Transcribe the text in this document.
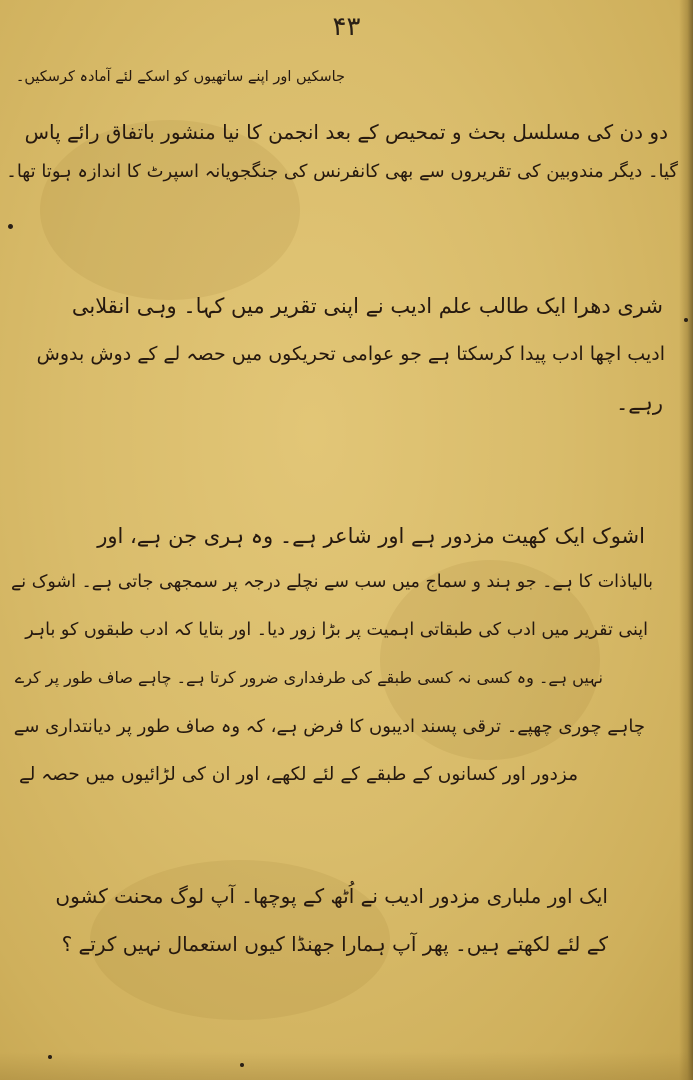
۴۳
جاسکیں اور اپنے ساتھیوں کو اسکے لئے آمادہ کرسکیں۔
دو دن کی مسلسل بحث و تمحیص کے بعد انجمن کا نیا منشور باتفاق رائے پاس
گیا۔ دیگر مندوبین کی تقریروں سے بھی کانفرنس کی جنگجویانہ اسپرٹ کا اندازہ ہوتا تھا۔
شری دھرا ایک طالب علم ادیب نے اپنی تقریر میں کہا۔ وہی انقلابی
ادیب اچھا ادب پیدا کرسکتا ہے جو عوامی تحریکوں میں حصہ لے کے دوش بدوش
رہے۔
اشوک ایک کھیت مزدور ہے اور شاعر ہے۔ وہ ہری جن ہے، اور
بالیاذات کا ہے۔ جو ہند و سماج میں سب سے نچلے درجہ پر سمجھی جاتی ہے۔ اشوک نے
اپنی تقریر میں ادب کی طبقاتی اہمیت پر بڑا زور دیا۔ اور بتایا کہ ادب طبقوں کو باہر
نہیں ہے۔ وہ کسی نہ کسی طبقے کی طرفداری ضرور کرتا ہے۔ چاہے صاف طور پر کرے
چاہے چوری چھپے۔ ترقی پسند ادیبوں کا فرض ہے، کہ وہ صاف طور پر دیانتداری سے
مزدور اور کسانوں کے طبقے کے لئے لکھے، اور ان کی لڑائیوں میں حصہ لے
ایک اور ملباری مزدور ادیب نے اُٹھ کے پوچھا۔ آپ لوگ محنت کشوں
کے لئے لکھتے ہیں۔ پھر آپ ہمارا جھنڈا کیوں استعمال نہیں کرتے ؟
